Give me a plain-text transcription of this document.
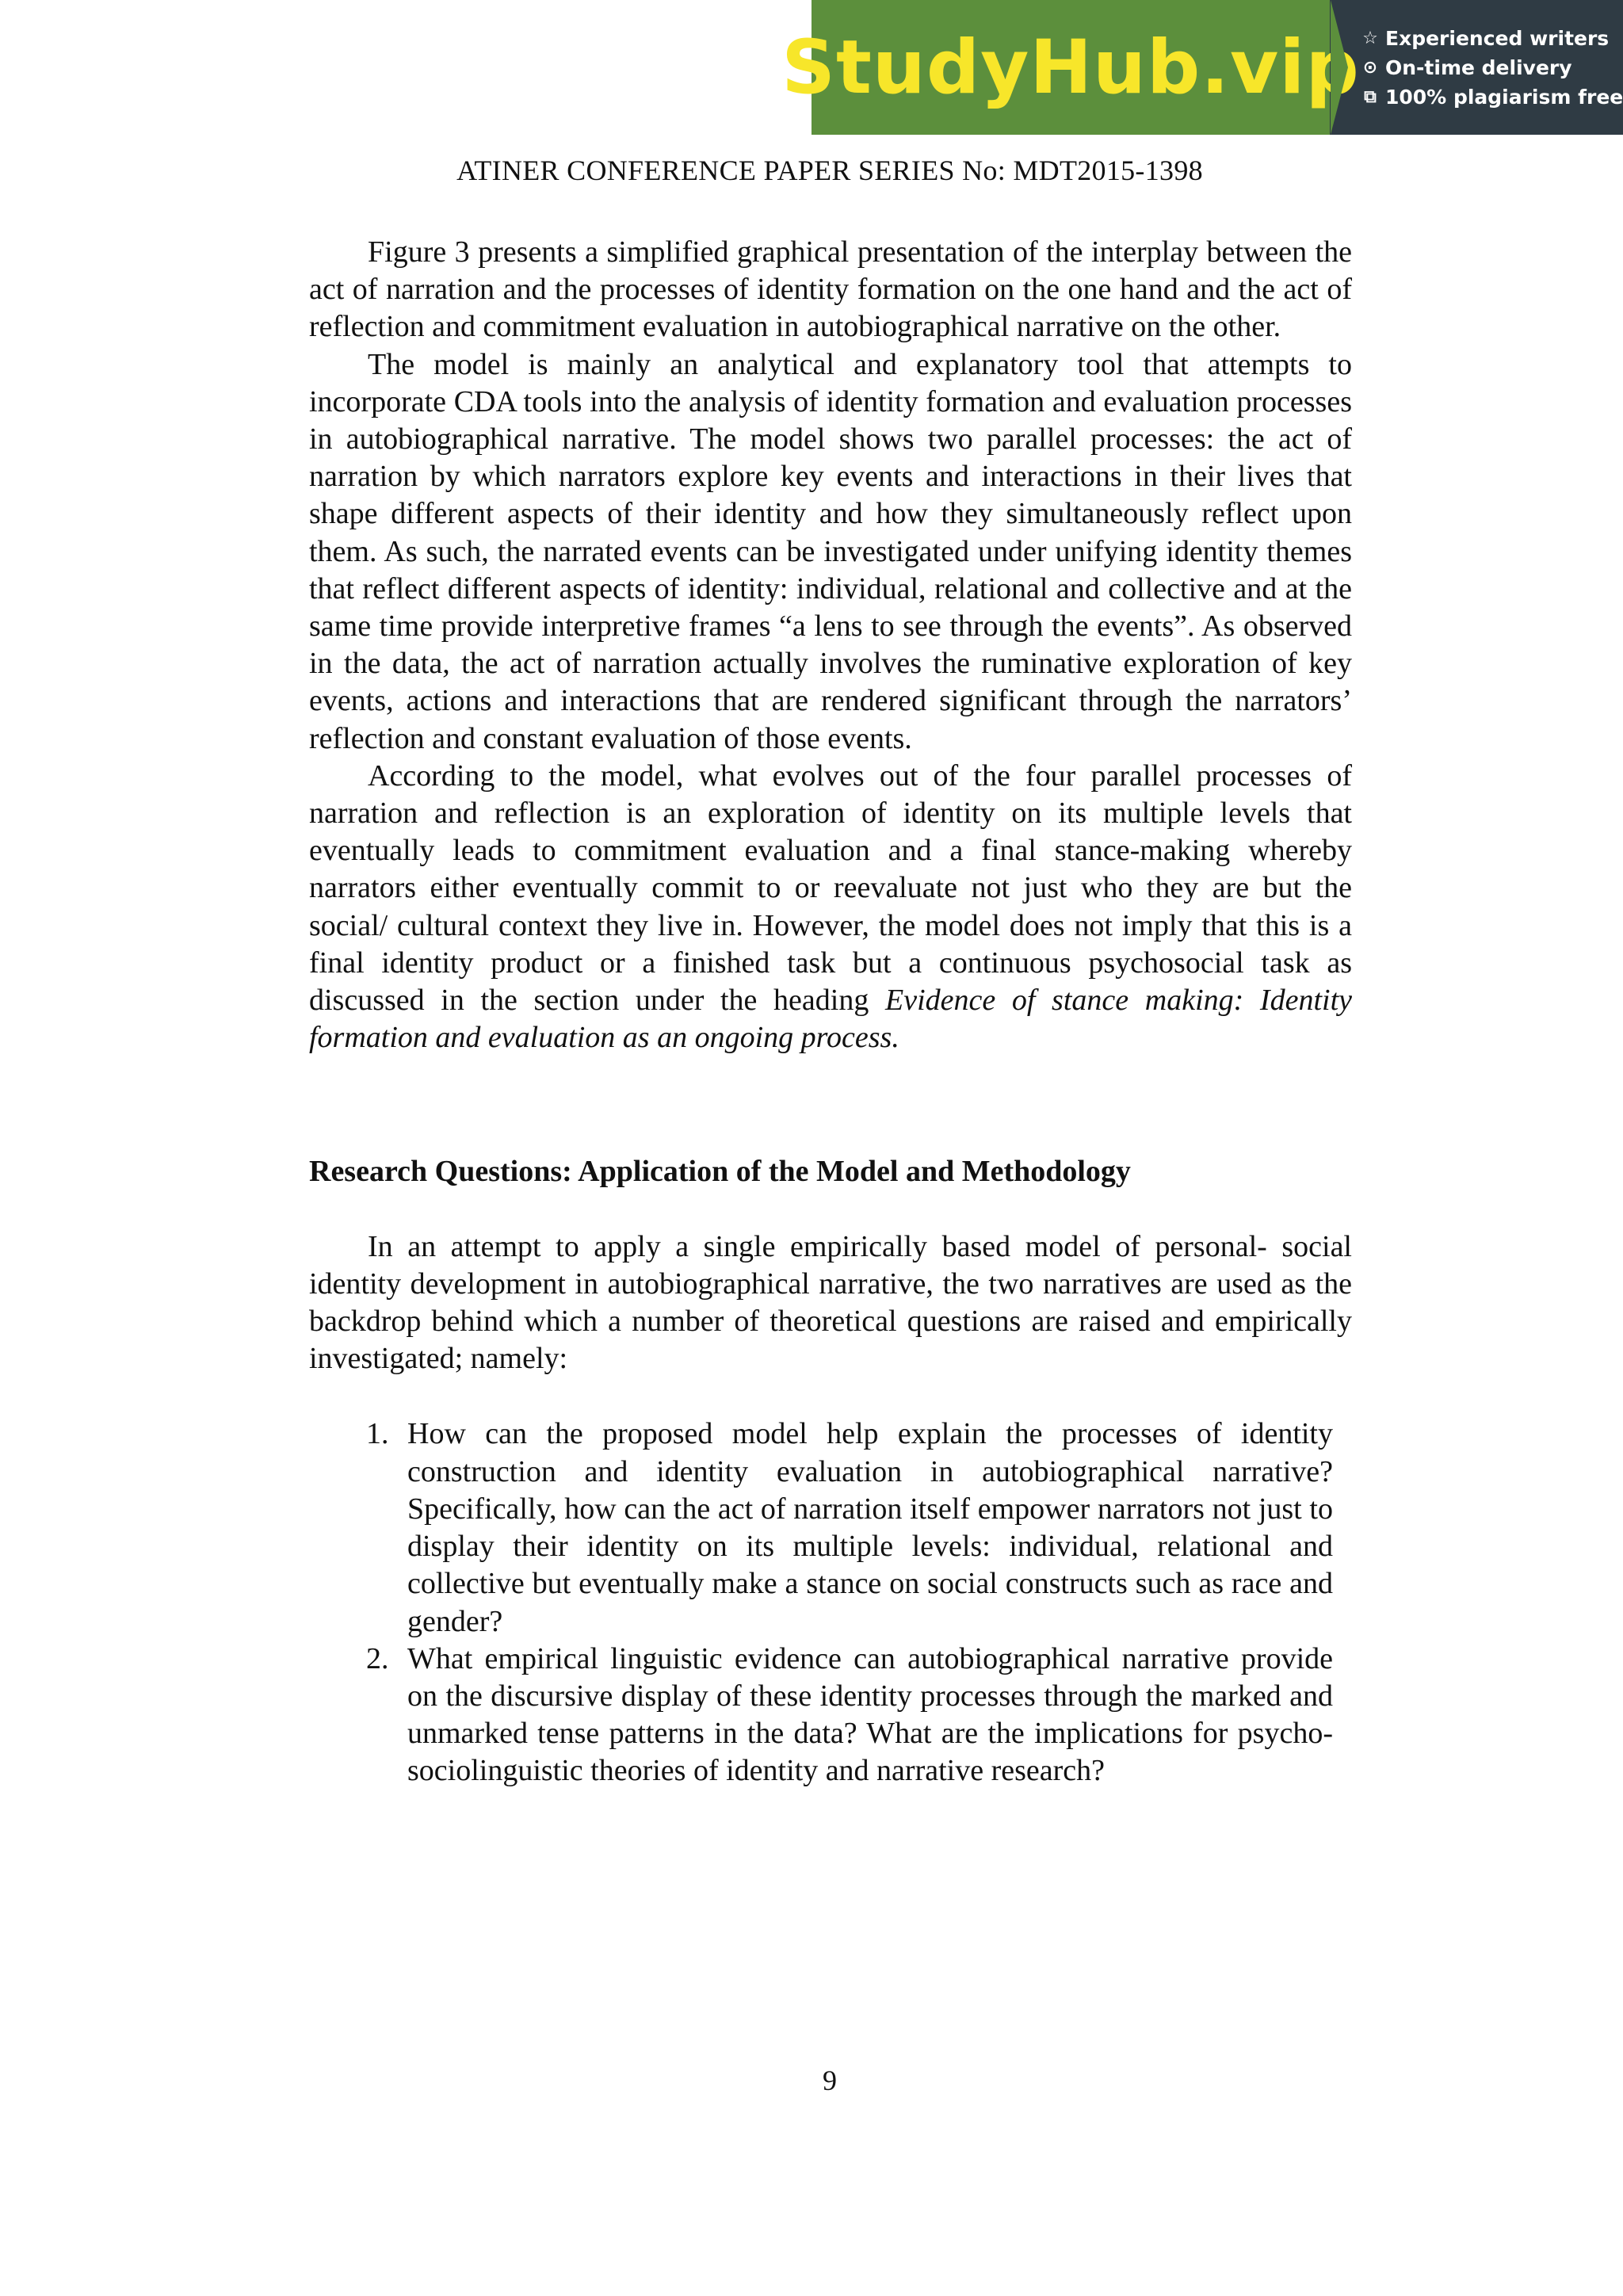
StudyHub.vip ☆ Experienced writers
⊙ On-time delivery
⧉ 100% plagiarism free
ATINER CONFERENCE PAPER SERIES No: MDT2015-1398

Figure 3 presents a simplified graphical presentation of the interplay between the act of narration and the processes of identity formation on the one hand and the act of reflection and commitment evaluation in autobiographical narrative on the other.

The model is mainly an analytical and explanatory tool that attempts to incorporate CDA tools into the analysis of identity formation and evaluation processes in autobiographical narrative. The model shows two parallel processes: the act of narration by which narrators explore key events and interactions in their lives that shape different aspects of their identity and how they simultaneously reflect upon them. As such, the narrated events can be investigated under unifying identity themes that reflect different aspects of identity: individual, relational and collective and at the same time provide interpretive frames “a lens to see through the events”. As observed in the data, the act of narration actually involves the ruminative exploration of key events, actions and interactions that are rendered significant through the narrators’ reflection and constant evaluation of those events.

According to the model, what evolves out of the four parallel processes of narration and reflection is an exploration of identity on its multiple levels that eventually leads to commitment evaluation and a final stance-making whereby narrators either eventually commit to or reevaluate not just who they are but the social/ cultural context they live in. However, the model does not imply that this is a final identity product or a finished task but a continuous psychosocial task as discussed in the section under the heading Evidence of stance making: Identity formation and evaluation as an ongoing process.

Research Questions: Application of the Model and Methodology

In an attempt to apply a single empirically based model of personal- social identity development in autobiographical narrative, the two narratives are used as the backdrop behind which a number of theoretical questions are raised and empirically investigated; namely:

1. How can the proposed model help explain the processes of identity construction and identity evaluation in autobiographical narrative? Specifically, how can the act of narration itself empower narrators not just to display their identity on its multiple levels: individual, relational and collective but eventually make a stance on social constructs such as race and gender?
2. What empirical linguistic evidence can autobiographical narrative provide on the discursive display of these identity processes through the marked and unmarked tense patterns in the data? What are the implications for psycho-sociolinguistic theories of identity and narrative research?
9
